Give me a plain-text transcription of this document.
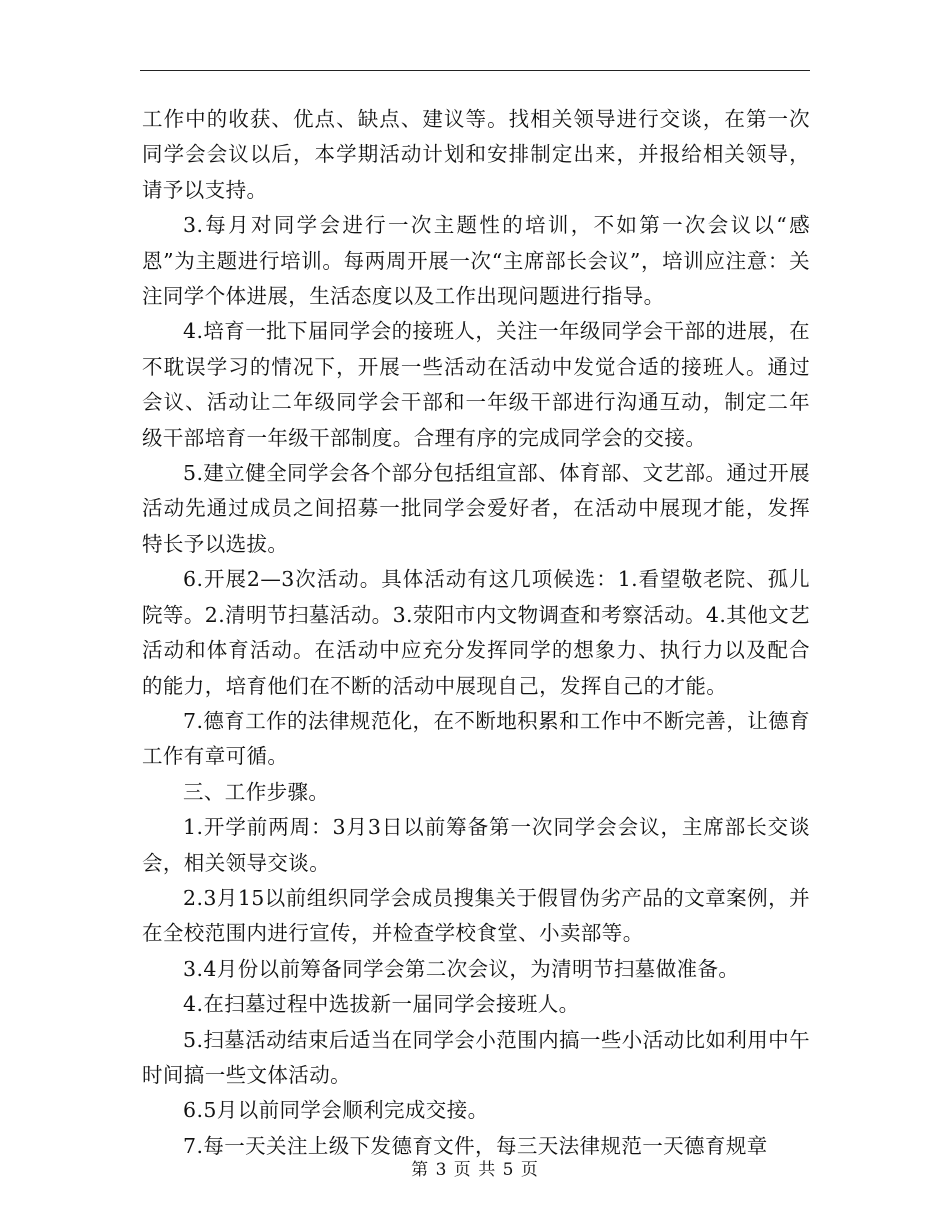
工作中的收获、优点、缺点、建议等。找相关领导进行交谈，在第一次同学会会议以后，本学期活动计划和安排制定出来，并报给相关领导，请予以支持。

3.每月对同学会进行一次主题性的培训，不如第一次会议以“感恩”为主题进行培训。每两周开展一次“主席部长会议”，培训应注意：关注同学个体进展，生活态度以及工作出现问题进行指导。

4.培育一批下届同学会的接班人，关注一年级同学会干部的进展，在不耽误学习的情况下，开展一些活动在活动中发觉合适的接班人。通过会议、活动让二年级同学会干部和一年级干部进行沟通互动，制定二年级干部培育一年级干部制度。合理有序的完成同学会的交接。

5.建立健全同学会各个部分包括组宣部、体育部、文艺部。通过开展活动先通过成员之间招募一批同学会爱好者，在活动中展现才能，发挥特长予以选拔。

6.开展2—3次活动。具体活动有这几项候选：1.看望敬老院、孤儿院等。2.清明节扫墓活动。3.荥阳市内文物调查和考察活动。4.其他文艺活动和体育活动。在活动中应充分发挥同学的想象力、执行力以及配合的能力，培育他们在不断的活动中展现自己，发挥自己的才能。

7.德育工作的法律规范化，在不断地积累和工作中不断完善，让德育工作有章可循。

三、工作步骤。

1.开学前两周：3月3日以前筹备第一次同学会会议，主席部长交谈会，相关领导交谈。

2.3月15以前组织同学会成员搜集关于假冒伪劣产品的文章案例，并在全校范围内进行宣传，并检查学校食堂、小卖部等。

3.4月份以前筹备同学会第二次会议，为清明节扫墓做准备。

4.在扫墓过程中选拔新一届同学会接班人。

5.扫墓活动结束后适当在同学会小范围内搞一些小活动比如利用中午时间搞一些文体活动。

6.5月以前同学会顺利完成交接。

7.每一天关注上级下发德育文件，每三天法律规范一天德育规章

第 3 页 共 5 页
